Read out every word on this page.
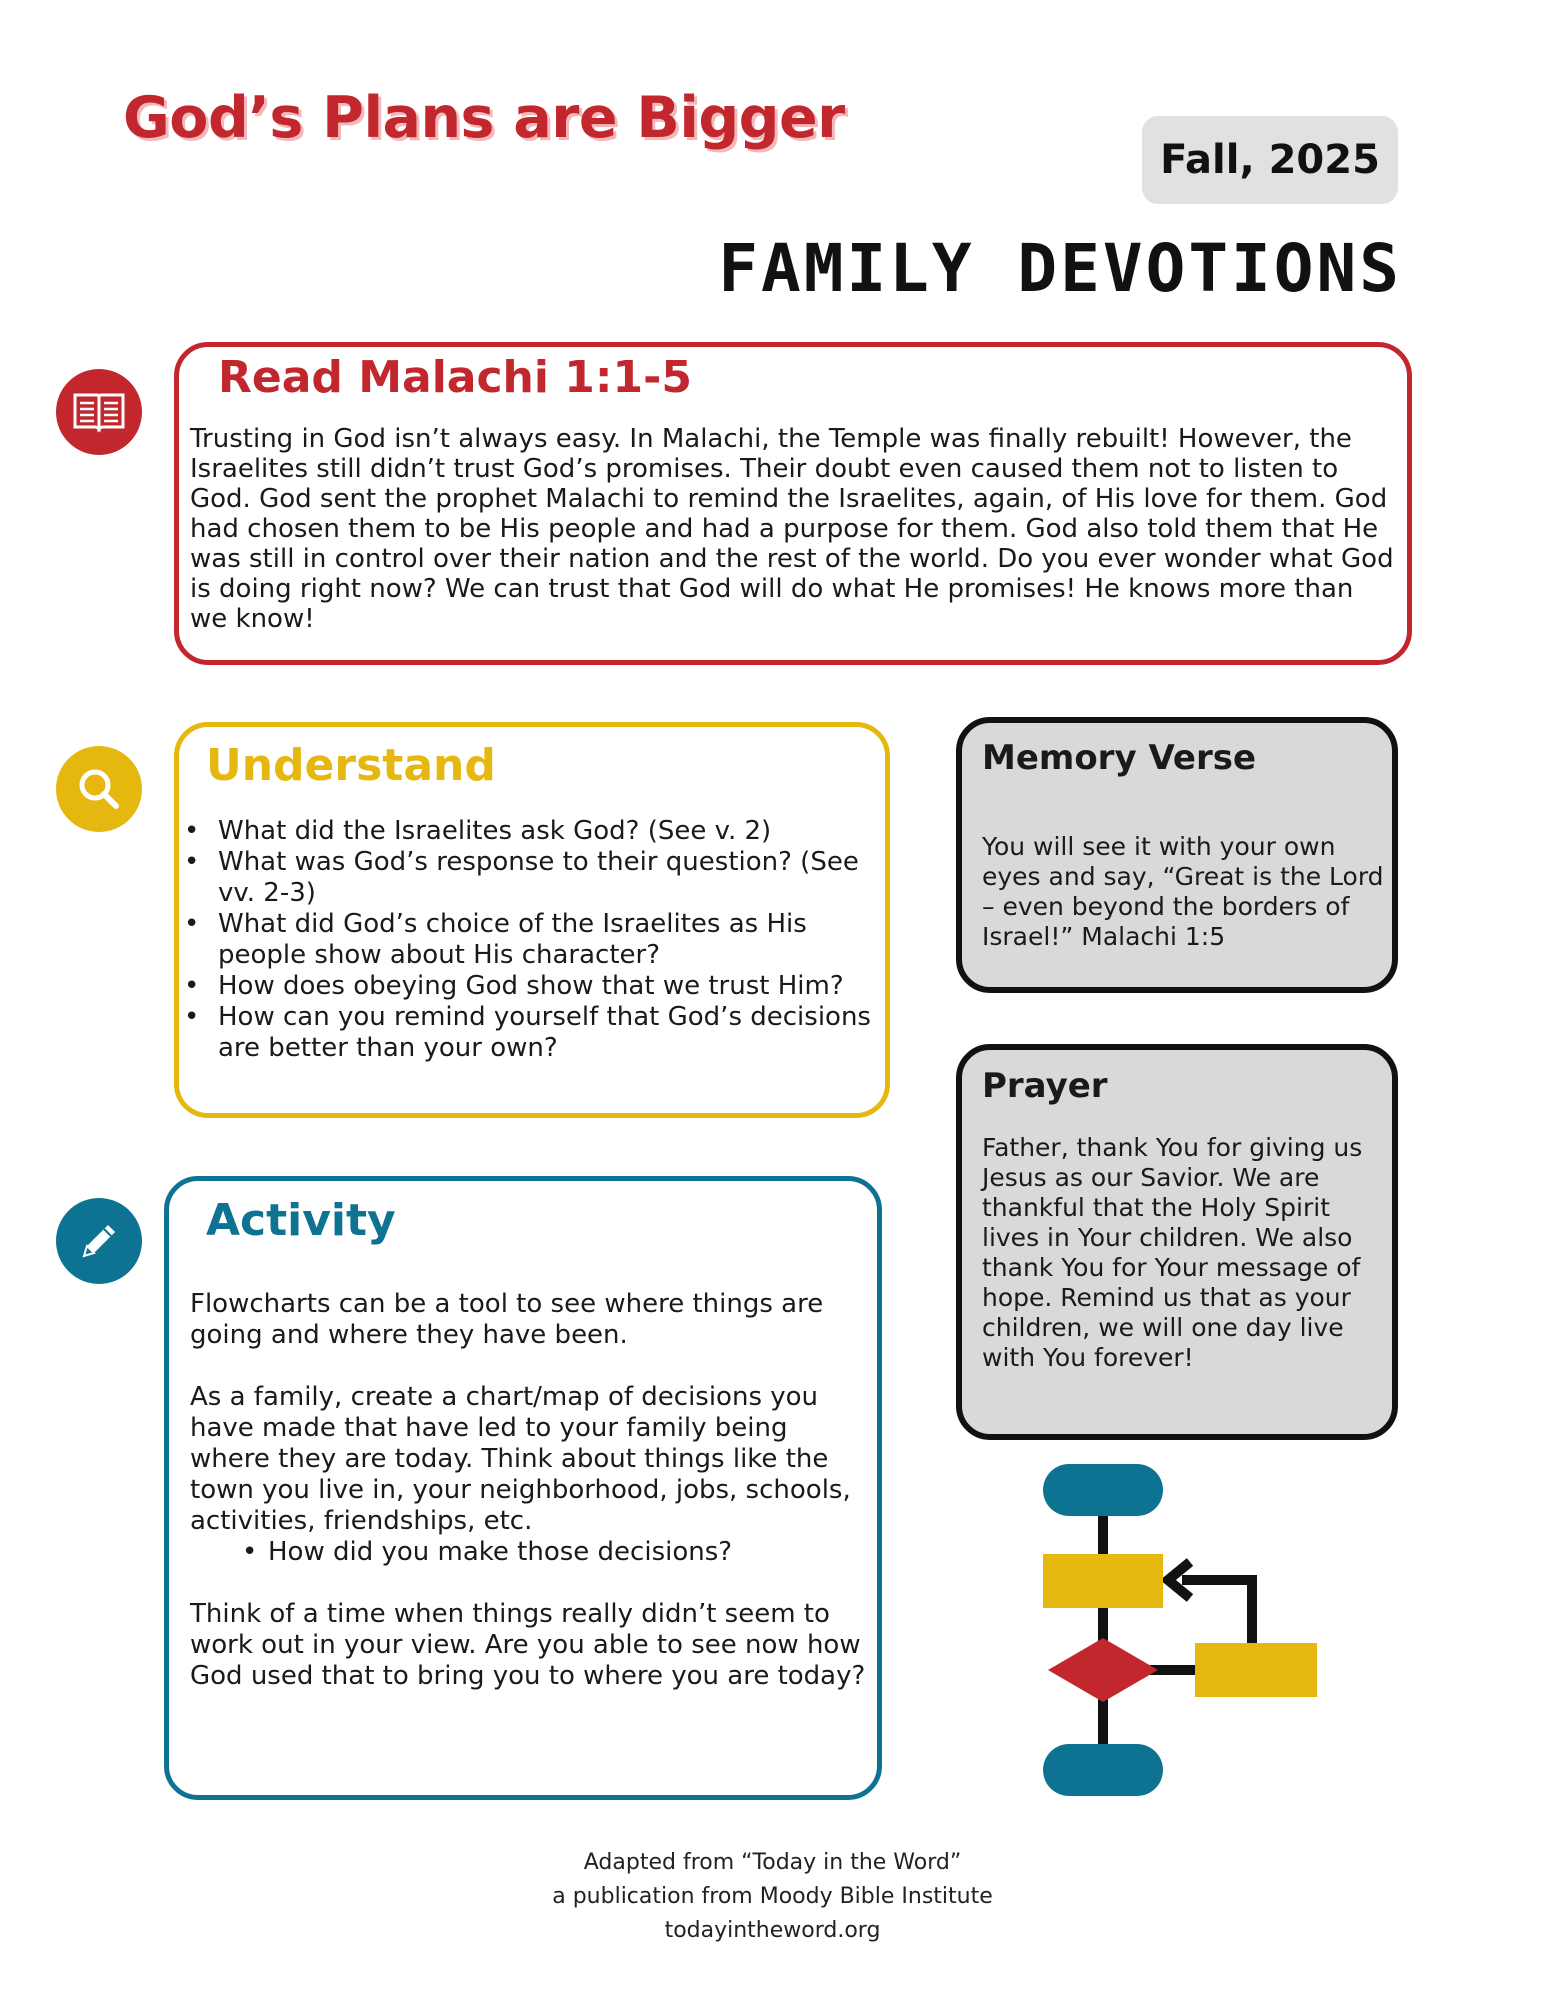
God’s Plans are Bigger
Fall, 2025
FAMILY DEVOTIONS
Read Malachi 1:1-5
Trusting in God isn’t always easy. In Malachi, the Temple was finally rebuilt! However, the Israelites still didn’t trust God’s promises. Their doubt even caused them not to listen to God. God sent the prophet Malachi to remind the Israelites, again, of His love for them. God had chosen them to be His people and had a purpose for them. God also told them that He was still in control over their nation and the rest of the world. Do you ever wonder what God is doing right now? We can trust that God will do what He promises! He knows more than we know!
Understand
• What did the Israelites ask God? (See v. 2)
• What was God’s response to their question? (See vv. 2-3)
• What did God’s choice of the Israelites as His people show about His character?
• How does obeying God show that we trust Him?
• How can you remind yourself that God’s decisions are better than your own?
Activity

Flowcharts can be a tool to see where things are going and where they have been.

As a family, create a chart/map of decisions you have made that have led to your family being where they are today. Think about things like the town you live in, your neighborhood, jobs, schools, activities, friendships, etc.

• How did you make those decisions?

Think of a time when things really didn’t seem to work out in your view. Are you able to see now how God used that to bring you to where you are today?

Memory Verse
You will see it with your own eyes and say, “Great is the Lord – even beyond the borders of Israel!” Malachi 1:5
Prayer
Father, thank You for giving us Jesus as our Savior. We are thankful that the Holy Spirit lives in Your children. We also thank You for Your message of hope. Remind us that as your children, we will one day live with You forever!
Adapted from “Today in the Word”
a publication from Moody Bible Institute
todayintheword.org
